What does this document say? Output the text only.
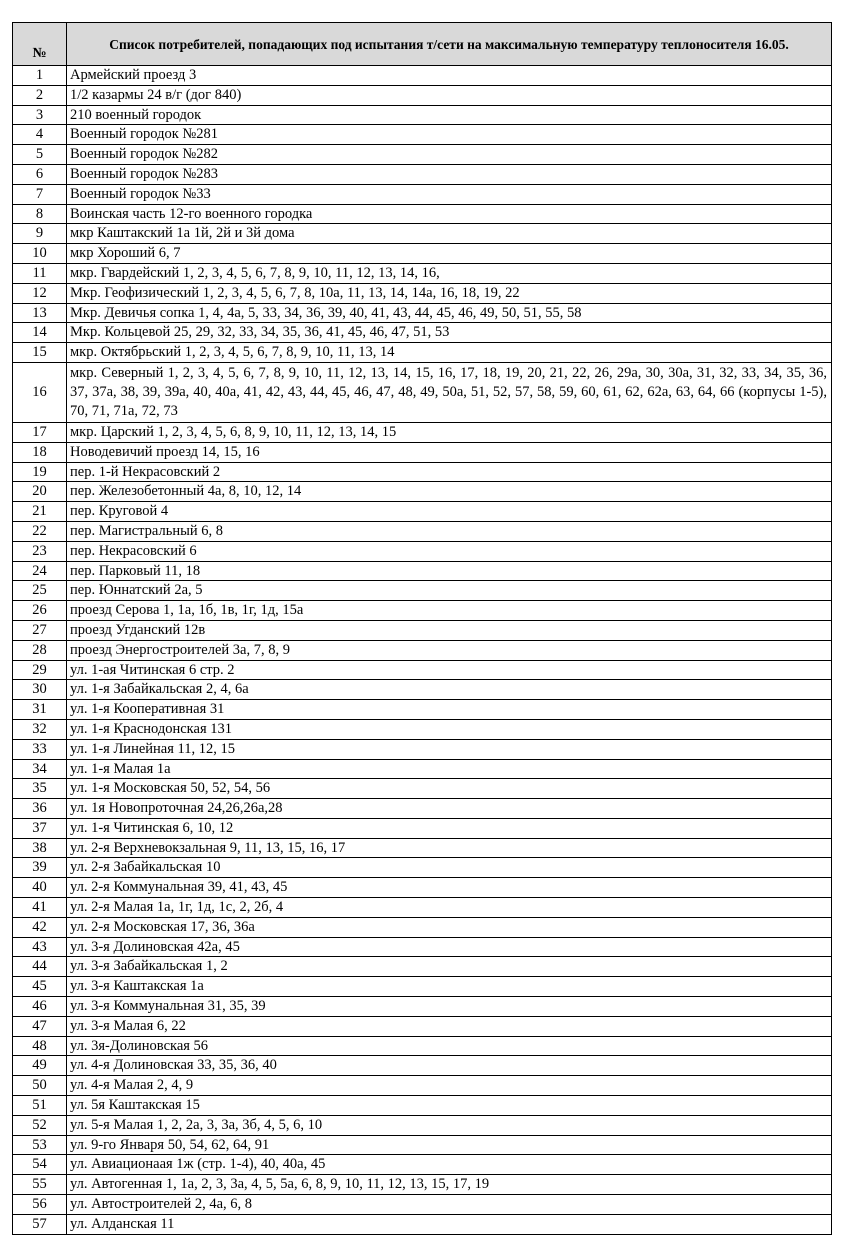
№	Список потребителей, попадающих под испытания т/сети на максимальную температуру теплоносителя 16.05.
1	Армейский проезд 3
2	1/2 казармы 24 в/г (дог 840)
3	210 военный городок
4	Военный городок №281
5	Военный городок №282
6	Военный городок №283
7	Военный городок №33
8	Воинская часть 12-го военного городка
9	мкр Каштакский 1а 1й, 2й и 3й дома
10	мкр Хороший 6, 7
11	мкр. Гвардейский 1, 2, 3, 4, 5, 6, 7, 8, 9, 10, 11, 12, 13, 14, 16,
12	Мкр. Геофизический 1, 2, 3, 4, 5, 6, 7, 8, 10а, 11, 13, 14, 14а, 16, 18, 19, 22
13	Мкр. Девичья сопка 1, 4, 4а, 5, 33, 34, 36, 39, 40, 41, 43, 44, 45, 46, 49, 50, 51, 55, 58
14	Мкр. Кольцевой 25, 29, 32, 33, 34, 35, 36, 41, 45, 46, 47, 51, 53
15	мкр. Октябрьский 1, 2, 3, 4, 5, 6, 7, 8, 9, 10, 11, 13, 14
16	мкр. Северный 1, 2, 3, 4, 5, 6, 7, 8, 9, 10, 11, 12, 13, 14, 15, 16, 17, 18, 19, 20, 21, 22, 26, 29а, 30, 30а, 31, 32, 33, 34, 35, 36, 37, 37а, 38, 39, 39а, 40, 40а, 41, 42, 43, 44, 45, 46, 47, 48, 49, 50а, 51, 52, 57, 58, 59, 60, 61, 62, 62а, 63, 64, 66 (корпусы 1-5), 70, 71, 71а, 72, 73
17	мкр. Царский 1, 2, 3, 4, 5, 6, 8, 9, 10, 11, 12, 13, 14, 15
18	Новодевичий проезд 14, 15, 16
19	пер. 1-й Некрасовский 2
20	пер. Железобетонный 4а, 8, 10, 12, 14
21	пер. Круговой 4
22	пер. Магистральный 6, 8
23	пер. Некрасовский 6
24	пер. Парковый 11, 18
25	пер. Юннатский 2а, 5
26	проезд Серова 1, 1а, 1б, 1в, 1г, 1д, 15а
27	проезд Угданский 12в
28	проезд Энергостроителей 3а, 7, 8, 9
29	ул. 1-ая Читинская 6 стр. 2
30	ул. 1-я Забайкальская 2, 4, 6а
31	ул. 1-я Кооперативная 31
32	ул. 1-я Краснодонская 131
33	ул. 1-я Линейная 11, 12, 15
34	ул. 1-я Малая 1а
35	ул. 1-я Московская 50, 52, 54, 56
36	ул. 1я Новопроточная 24,26,26а,28
37	ул. 1-я Читинская 6, 10, 12
38	ул. 2-я Верхневокзальная 9, 11, 13, 15, 16, 17
39	ул. 2-я Забайкальская 10
40	ул. 2-я Коммунальная 39, 41, 43, 45
41	ул. 2-я Малая 1а, 1г, 1д, 1с, 2, 2б, 4
42	ул. 2-я Московская 17, 36, 36а
43	ул. 3-я Долиновская 42а, 45
44	ул. 3-я Забайкальская 1, 2
45	ул. 3-я Каштакская 1а
46	ул. 3-я Коммунальная 31, 35, 39
47	ул. 3-я Малая 6, 22
48	ул. 3я-Долиновская 56
49	ул. 4-я Долиновская 33, 35, 36, 40
50	ул. 4-я Малая 2, 4, 9
51	ул. 5я Каштакская 15
52	ул. 5-я Малая 1, 2, 2а, 3, 3а, 3б, 4, 5, 6, 10
53	ул. 9-го Января 50, 54, 62, 64, 91
54	ул. Авиационаая 1ж (стр. 1-4), 40, 40а, 45
55	ул. Автогенная 1, 1а, 2, 3, 3а, 4, 5, 5а, 6, 8, 9, 10, 11, 12, 13, 15, 17, 19
56	ул. Автостроителей 2, 4а, 6, 8
57	ул. Алданская 11
